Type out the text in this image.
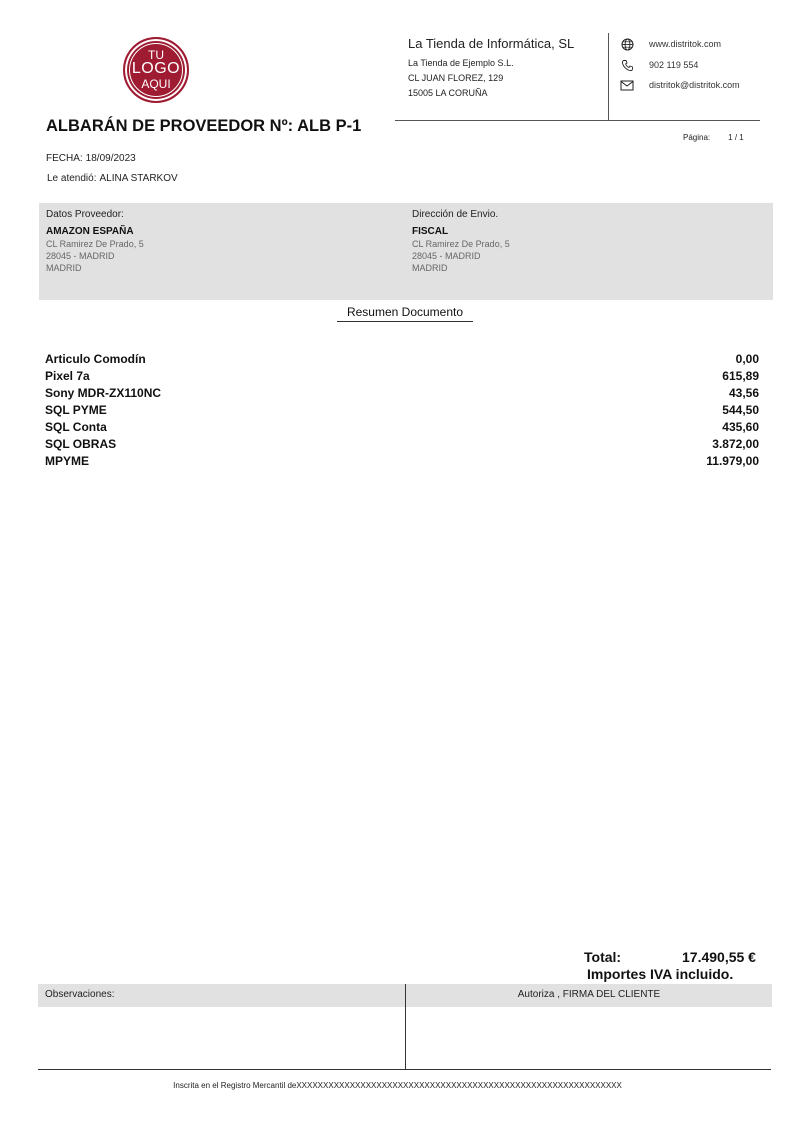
TU
LOGO
AQUI
La Tienda de Informática, SL
La Tienda de Ejemplo S.L.
CL JUAN FLOREZ, 129
15005 LA CORUÑA
www.distritok.com
902 119 554
distritok@distritok.com
ALBARÁN DE PROVEEDOR Nº: ALB P-1
Página: 1 / 1
FECHA: 18/09/2023
Le atendió: ALINA STARKOV
Datos Proveedor:
AMAZON ESPAÑA
CL Ramirez De Prado, 5
28045 - MADRID
MADRID
Dirección de Envio.
FISCAL
CL Ramirez De Prado, 5
28045 - MADRID
MADRID
Resumen Documento
Articulo Comodín	0,00
Pixel 7a	615,89
Sony MDR-ZX110NC	43,56
SQL PYME	544,50
SQL Conta	435,60
SQL OBRAS	3.872,00
MPYME	11.979,00
Total:	17.490,55 €
Importes IVA incluido.
Observaciones:	Autoriza , FIRMA DEL CLIENTE
Inscrita en el Registro Mercantil deXXXXXXXXXXXXXXXXXXXXXXXXXXXXXXXXXXXXXXXXXXXXXXXXXXXXXXXXXXXXX
